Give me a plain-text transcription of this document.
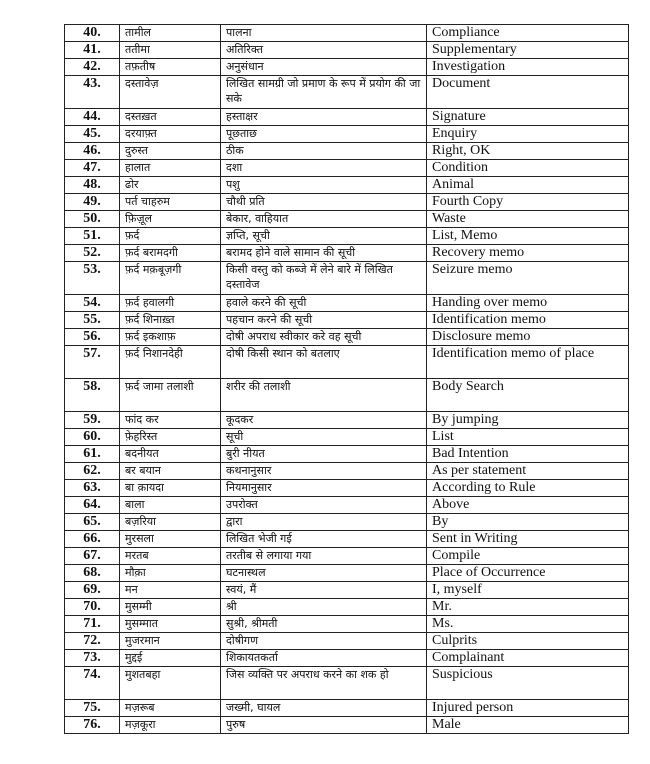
40.	तामील	पालना	Compliance
41.	ततीमा	अतिरिक्त	Supplementary
42.	तफ़तीष	अनुसंधान	Investigation
43.	दस्तावेज़	लिखित सामग्री जो प्रमाण के रूप में प्रयोग की जा सके	Document
44.	दस्तख़त	हस्ताक्षर	Signature
45.	दरयाफ़्त	पूछताछ	Enquiry
46.	दुरुस्त	ठीक	Right, OK
47.	हालात	दशा	Condition
48.	ढोर	पशु	Animal
49.	पर्त चाहरुम	चौथी प्रति	Fourth Copy
50.	फ़िज़ूल	बेकार, वाहियात	Waste
51.	फ़र्द	ज्ञप्ति, सूची	List, Memo
52.	फ़र्द बरामदगी	बरामद होने वाले सामान की सूची	Recovery memo
53.	फ़र्द मक़बूज़गी	किसी वस्तु को कब्जे में लेने बारे में लिखित दस्तावेज	Seizure memo
54.	फ़र्द हवालगी	हवाले करने की सूची	Handing over memo
55.	फ़र्द शिनाख़्त	पहचान करने की सूची	Identification memo
56.	फ़र्द इकशाफ़	दोषी अपराध स्वीकार करे वह सूची	Disclosure memo
57.	फ़र्द निशानदेही	दोषी किसी स्थान को बतलाए	Identification memo of place
58.	फ़र्द जामा तलाशी	शरीर की तलाशी	Body Search
59.	फांद कर	कूदकर	By jumping
60.	फ़ेहरिस्त	सूची	List
61.	बदनीयत	बुरी नीयत	Bad Intention
62.	बर बयान	कथनानुसार	As per statement
63.	बा क़ायदा	नियमानुसार	According to Rule
64.	बाला	उपरोक्त	Above
65.	बज़रिया	द्वारा	By
66.	मुरसला	लिखित भेजी गई	Sent in Writing
67.	मरतब	तरतीब से लगाया गया	Compile
68.	मौक़ा	घटनास्थल	Place of Occurrence
69.	मन	स्वयं, मैं	I, myself
70.	मुसम्मी	श्री	Mr.
71.	मुसम्मात	सुश्री, श्रीमती	Ms.
72.	मुजरमान	दोषीगण	Culprits
73.	मुद्दई	शिकायतकर्ता	Complainant
74.	मुशतबहा	जिस व्यक्ति पर अपराध करने का शक हो	Suspicious
75.	मज़रूब	जख्मी, घायल	Injured person
76.	मज़कूरा	पुरुष	Male
